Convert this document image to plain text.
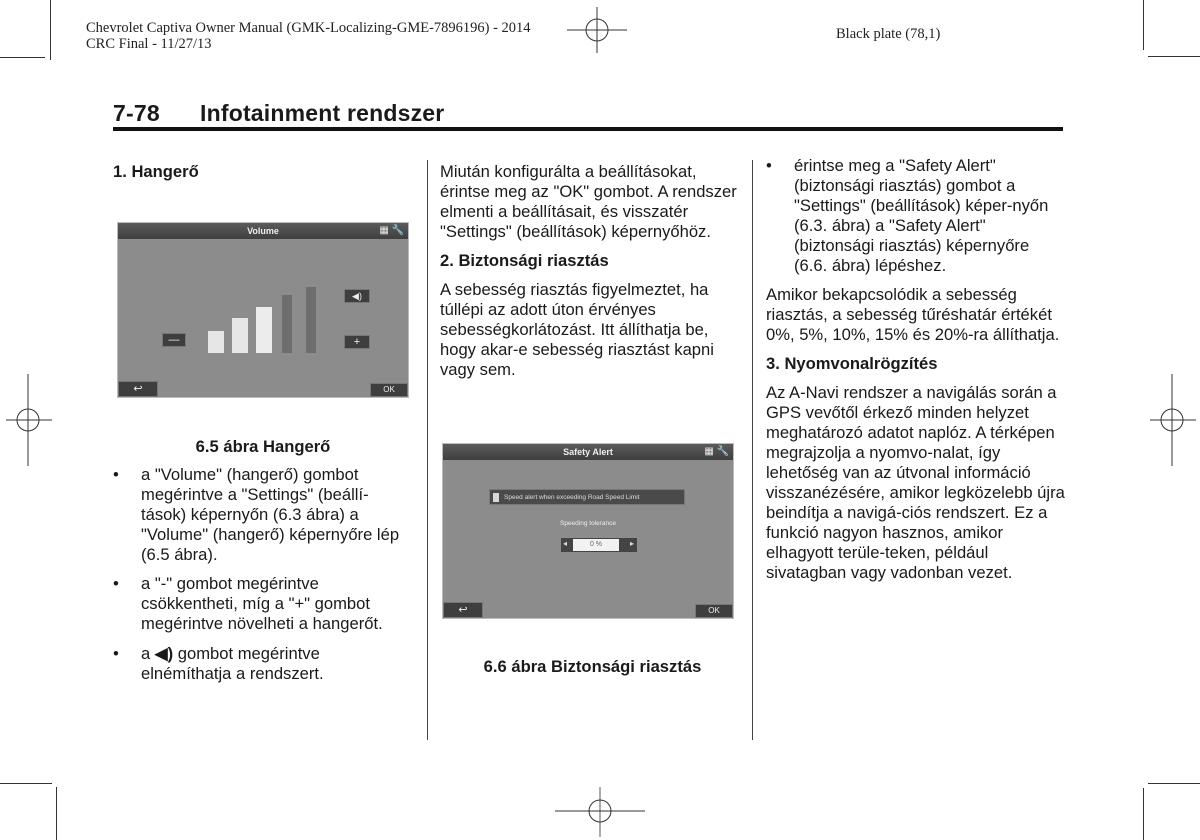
Chevrolet Captiva Owner Manual (GMK-Localizing-GME-7896196) - 2014
CRC Final - 11/27/13
Black plate (78,1)
7-78 Infotainment rendszer
1. Hangerő
Volume	▦ 🔧
—
◀)
+
↩	OK
6.5 ábra Hangerő
• a "Volume" (hangerő) gombot megérintve a "Settings" (beállí-tások) képernyőn (6.3 ábra) a "Volume" (hangerő) képernyőre lép (6.5 ábra).
• a "-" gombot megérintve csökkentheti, míg a "+" gombot megérintve növelheti a hangerőt.
• a ◀) gombot megérintve elnémíthatja a rendszert.

Miután konfigurálta a beállításokat, érintse meg az "OK" gombot. A rendszer elmenti a beállításait, és visszatér "Settings" (beállítások) képernyőhöz.

2. Biztonsági riasztás

A sebesség riasztás figyelmeztet, ha túllépi az adott úton érvényes sebességkorlátozást. Itt állíthatja be, hogy akar-e sebesség riasztást kapni vagy sem.

Safety Alert	▦ 🔧
Speed alert when exceeding Road Speed Limit
Speeding tolerance
◂	0 %	▸
↩	OK
6.6 ábra Biztonsági riasztás
• érintse meg a "Safety Alert" (biztonsági riasztás) gombot a "Settings" (beállítások) képer-nyőn (6.3. ábra) a "Safety Alert" (biztonsági riasztás) képernyőre (6.6. ábra) lépéshez.

Amikor bekapcsolódik a sebesség riasztás, a sebesség tűréshatár értékét 0%, 5%, 10%, 15% és 20%-ra állíthatja.

3. Nyomvonalrögzítés

Az A-Navi rendszer a navigálás során a GPS vevőtől érkező minden helyzet meghatározó adatot naplóz. A térképen megrajzolja a nyomvo-nalat, így lehetőség van az útvonal információ visszanézésére, amikor legközelebb újra beindítja a navigá-ciós rendszert. Ez a funkció nagyon hasznos, amikor elhagyott terüle-teken, például sivatagban vagy vadonban vezet.
